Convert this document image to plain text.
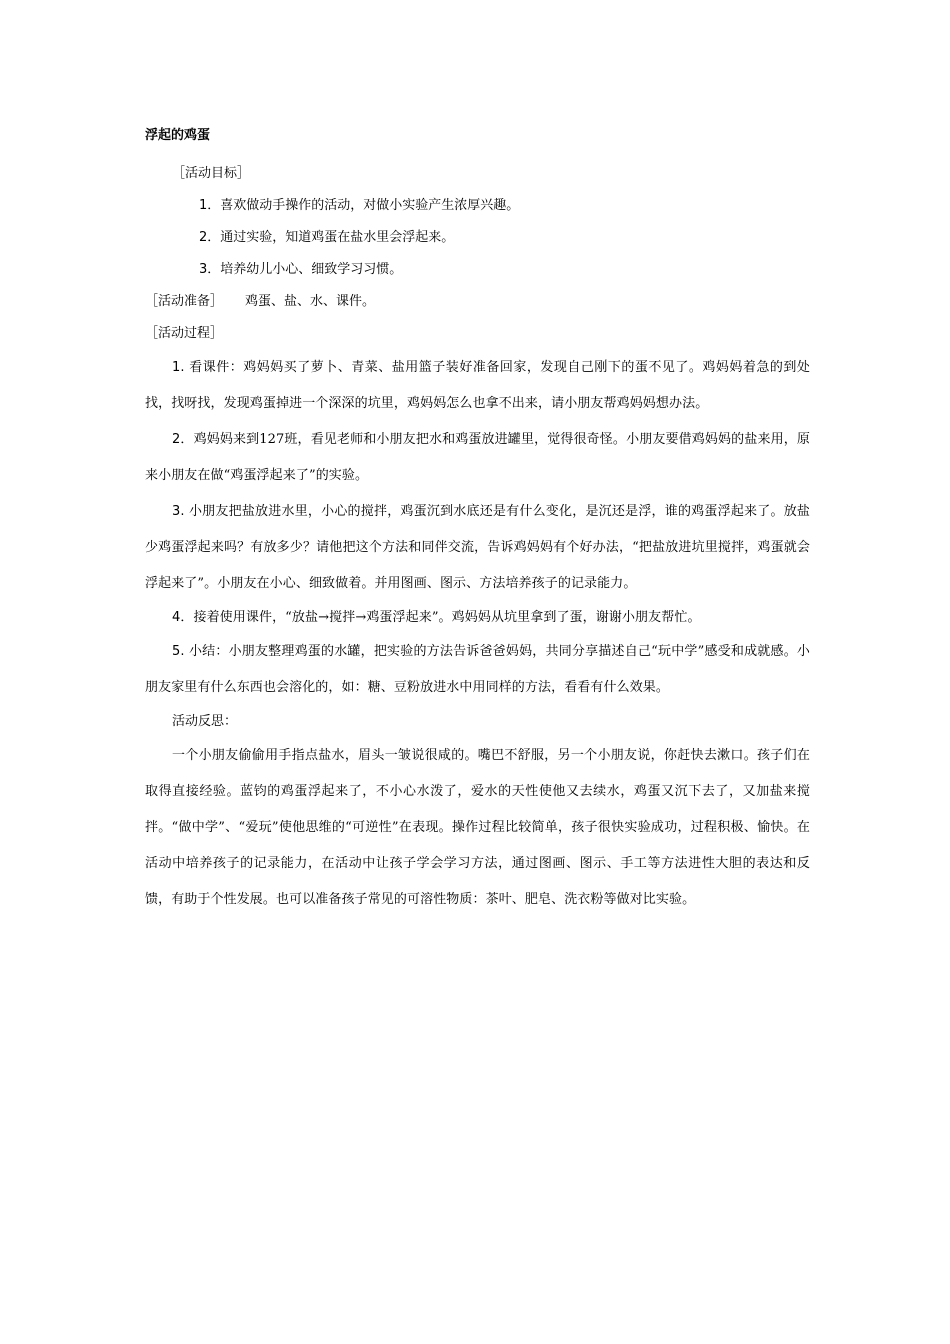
浮起的鸡蛋

［活动目标］

1．喜欢做动手操作的活动，对做小实验产生浓厚兴趣。

2．通过实验，知道鸡蛋在盐水里会浮起来。

3．培养幼儿小心、细致学习习惯。

［活动准备］ 鸡蛋、盐、水、课件。

［活动过程］

1. 看课件：鸡妈妈买了萝卜、青菜、盐用篮子装好准备回家，发现自己刚下的蛋不见了。鸡妈妈着急的到处找，找呀找，发现鸡蛋掉进一个深深的坑里，鸡妈妈怎么也拿不出来，请小朋友帮鸡妈妈想办法。

2．鸡妈妈来到127班，看见老师和小朋友把水和鸡蛋放进罐里，觉得很奇怪。小朋友要借鸡妈妈的盐来用，原来小朋友在做“鸡蛋浮起来了”的实验。

3. 小朋友把盐放进水里，小心的搅拌，鸡蛋沉到水底还是有什么变化，是沉还是浮，谁的鸡蛋浮起来了。放盐少鸡蛋浮起来吗？有放多少？请他把这个方法和同伴交流，告诉鸡妈妈有个好办法，“把盐放进坑里搅拌，鸡蛋就会浮起来了”。小朋友在小心、细致做着。并用图画、图示、方法培养孩子的记录能力。

4．接着使用课件，“放盐→搅拌→鸡蛋浮起来”。鸡妈妈从坑里拿到了蛋，谢谢小朋友帮忙。

5. 小结：小朋友整理鸡蛋的水罐，把实验的方法告诉爸爸妈妈，共同分享描述自己“玩中学”感受和成就感。小朋友家里有什么东西也会溶化的，如：糖、豆粉放进水中用同样的方法，看看有什么效果。

活动反思：

一个小朋友偷偷用手指点盐水，眉头一皱说很咸的。嘴巴不舒服，另一个小朋友说，你赶快去漱口。孩子们在取得直接经验。蓝钧的鸡蛋浮起来了，不小心水泼了，爱水的天性使他又去续水，鸡蛋又沉下去了，又加盐来搅拌。“做中学”、“爱玩”使他思维的“可逆性”在表现。操作过程比较简单，孩子很快实验成功，过程积极、愉快。在活动中培养孩子的记录能力，在活动中让孩子学会学习方法，通过图画、图示、手工等方法进性大胆的表达和反馈，有助于个性发展。也可以准备孩子常见的可溶性物质：茶叶、肥皂、洗衣粉等做对比实验。
